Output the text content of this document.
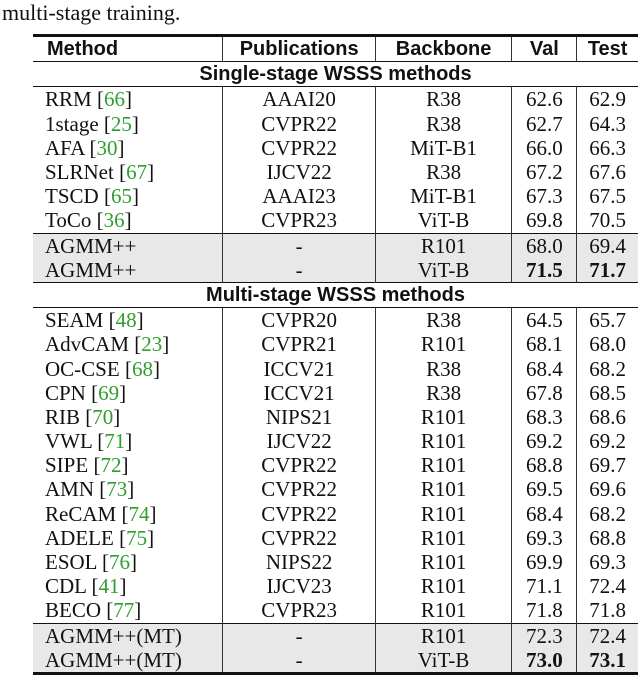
multi-stage training.
Method	Publications	Backbone	Val	Test
Single-stage WSSS methods				
RRM [66]	AAAI20	R38	62.6	62.9
1stage [25]	CVPR22	R38	62.7	64.3
AFA [30]	CVPR22	MiT-B1	66.0	66.3
SLRNet [67]	IJCV22	R38	67.2	67.6
TSCD [65]	AAAI23	MiT-B1	67.3	67.5
ToCo [36]	CVPR23	ViT-B	69.8	70.5
AGMM++	-	R101	68.0	69.4
AGMM++	-	ViT-B	71.5	71.7
Multi-stage WSSS methods				
SEAM [48]	CVPR20	R38	64.5	65.7
AdvCAM [23]	CVPR21	R101	68.1	68.0
OC-CSE [68]	ICCV21	R38	68.4	68.2
CPN [69]	ICCV21	R38	67.8	68.5
RIB [70]	NIPS21	R101	68.3	68.6
VWL [71]	IJCV22	R101	69.2	69.2
SIPE [72]	CVPR22	R101	68.8	69.7
AMN [73]	CVPR22	R101	69.5	69.6
ReCAM [74]	CVPR22	R101	68.4	68.2
ADELE [75]	CVPR22	R101	69.3	68.8
ESOL [76]	NIPS22	R101	69.9	69.3
CDL [41]	IJCV23	R101	71.1	72.4
BECO [77]	CVPR23	R101	71.8	71.8
AGMM++(MT)	-	R101	72.3	72.4
AGMM++(MT)	-	ViT-B	73.0	73.1
